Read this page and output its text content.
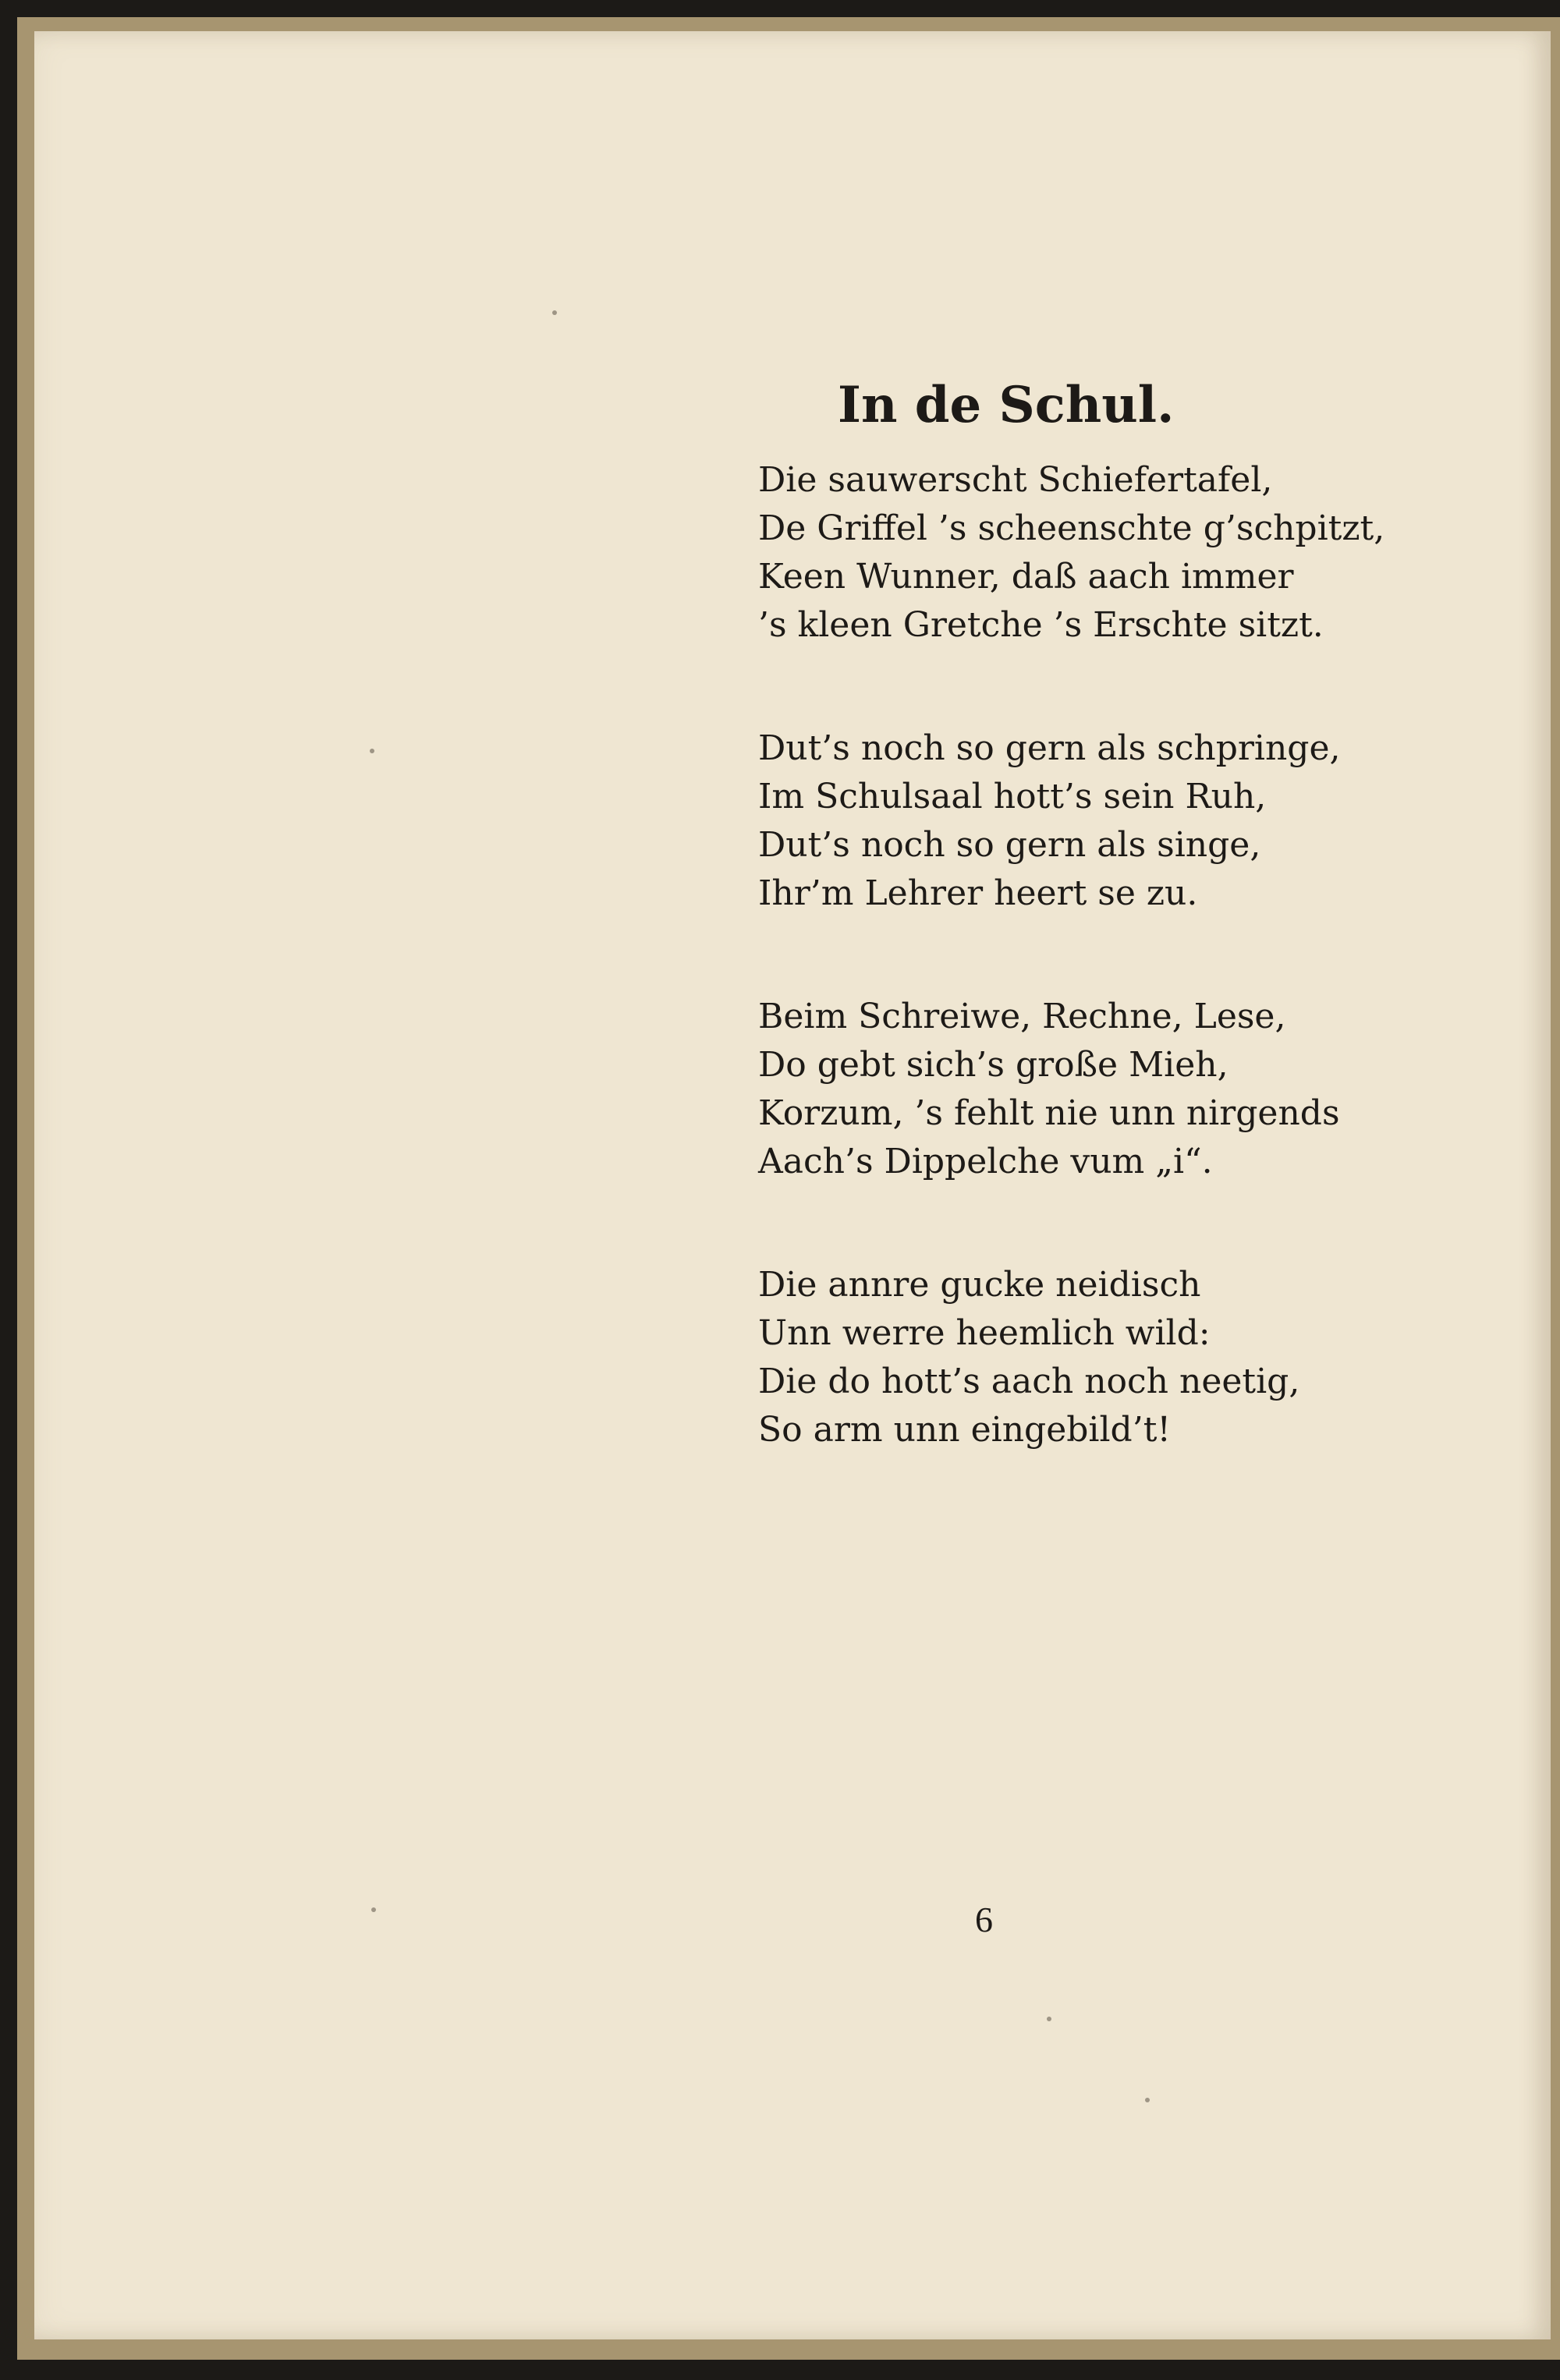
In de Schul.
Die sauwerscht Schiefertafel,
De Griffel ’s scheenschte g’schpitzt,
Keen Wunner, daß aach immer
’s kleen Gretche ’s Erschte sitzt.
Dut’s noch so gern als schpringe,
Im Schulsaal hott’s sein Ruh,
Dut’s noch so gern als singe,
Ihr’m Lehrer heert se zu.
Beim Schreiwe, Rechne, Lese,
Do gebt sich’s große Mieh,
Korzum, ’s fehlt nie unn nirgends
Aach’s Dippelche vum „i“.
Die annre gucke neidisch
Unn werre heemlich wild:
Die do hott’s aach noch neetig,
So arm unn eingebild’t!
6
